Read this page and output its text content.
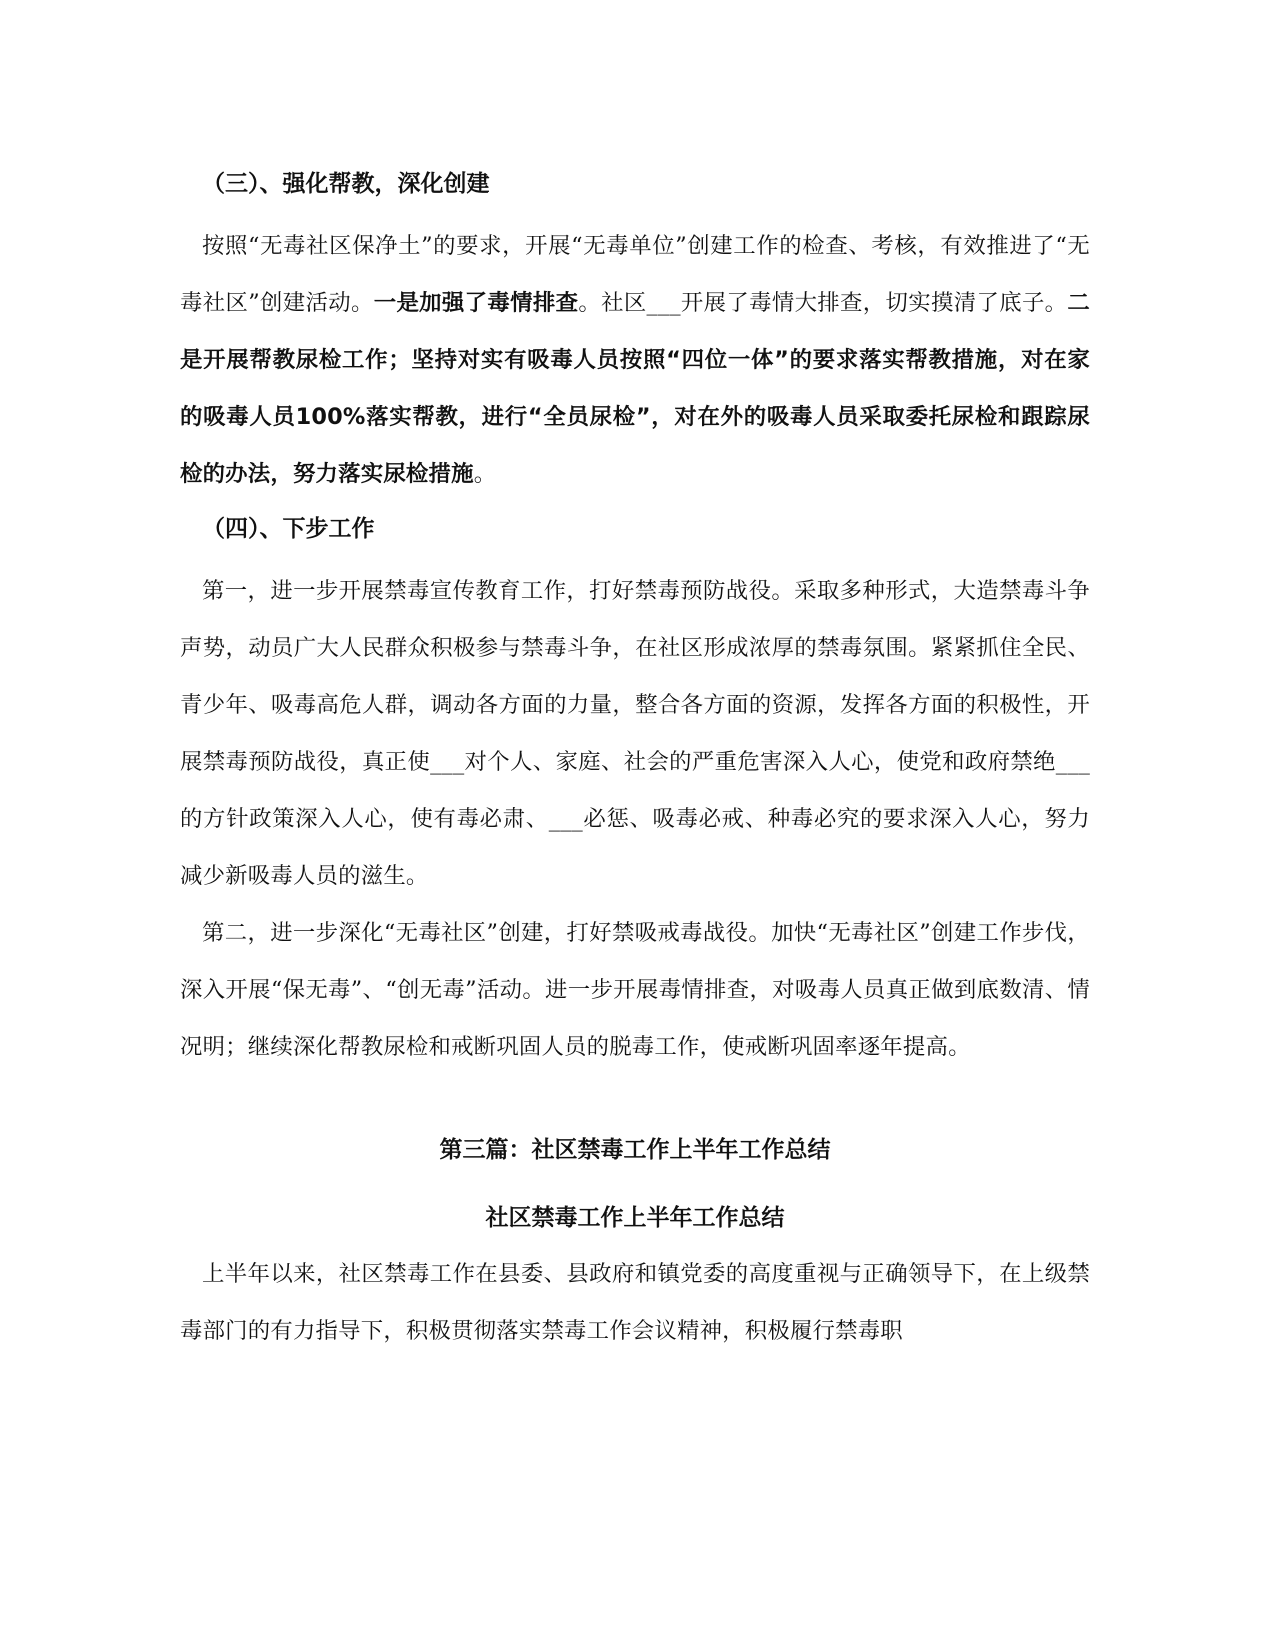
（三）、强化帮教，深化创建

按照“无毒社区保净土”的要求，开展“无毒单位”创建工作的检查、考核，有效推进了“无毒社区”创建活动。一是加强了毒情排查。社区___开展了毒情大排查，切实摸清了底子。二是开展帮教尿检工作；坚持对实有吸毒人员按照“四位一体”的要求落实帮教措施，对在家的吸毒人员100%落实帮教，进行“全员尿检”，对在外的吸毒人员采取委托尿检和跟踪尿检的办法，努力落实尿检措施。

（四）、下步工作

第一，进一步开展禁毒宣传教育工作，打好禁毒预防战役。采取多种形式，大造禁毒斗争声势，动员广大人民群众积极参与禁毒斗争，在社区形成浓厚的禁毒氛围。紧紧抓住全民、青少年、吸毒高危人群，调动各方面的力量，整合各方面的资源，发挥各方面的积极性，开展禁毒预防战役，真正使___对个人、家庭、社会的严重危害深入人心，使党和政府禁绝___的方针政策深入人心，使有毒必肃、___必惩、吸毒必戒、种毒必究的要求深入人心，努力减少新吸毒人员的滋生。

第二，进一步深化“无毒社区”创建，打好禁吸戒毒战役。加快“无毒社区”创建工作步伐，深入开展“保无毒”、“创无毒”活动。进一步开展毒情排查，对吸毒人员真正做到底数清、情况明；继续深化帮教尿检和戒断巩固人员的脱毒工作，使戒断巩固率逐年提高。

第三篇：社区禁毒工作上半年工作总结
社区禁毒工作上半年工作总结

上半年以来，社区禁毒工作在县委、县政府和镇党委的高度重视与正确领导下，在上级禁毒部门的有力指导下，积极贯彻落实禁毒工作会议精神，积极履行禁毒职
